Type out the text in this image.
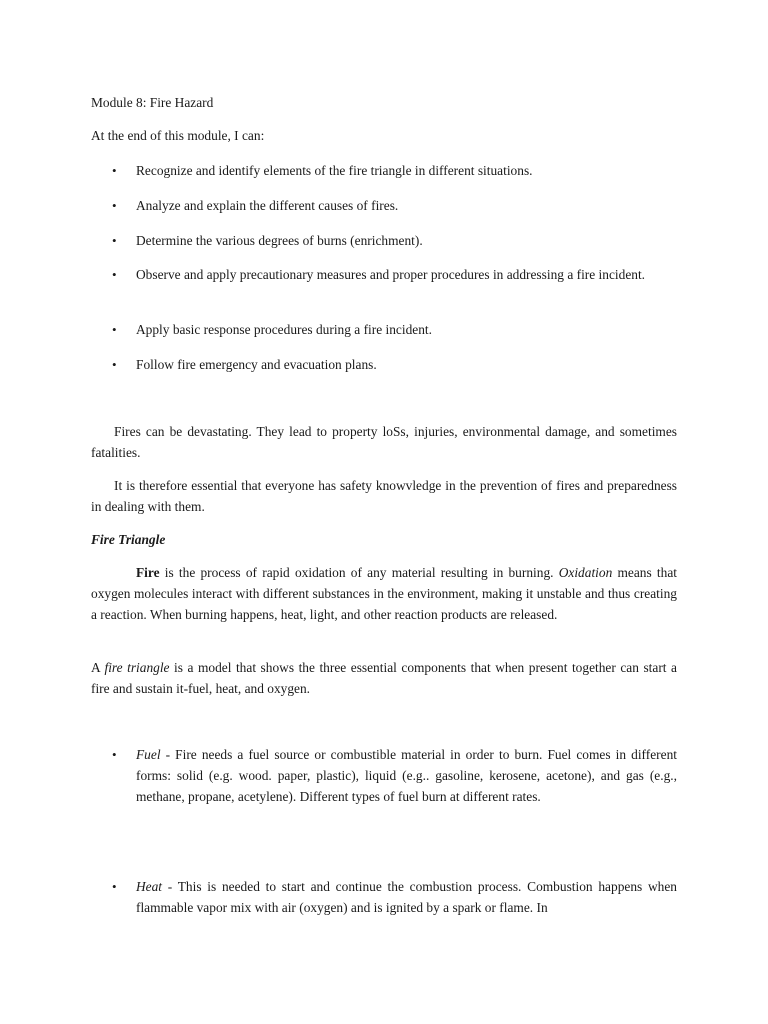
Module 8: Fire Hazard

At the end of this module, I can:

• Recognize and identify elements of the fire triangle in different situations.

• Analyze and explain the different causes of fires.

• Determine the various degrees of burns (enrichment).

• Observe and apply precautionary measures and proper procedures in addressing a fire incident.

• Apply basic response procedures during a fire incident.

• Follow fire emergency and evacuation plans.

Fires can be devastating. They lead to property loSs, injuries, environmental damage, and sometimes fatalities.

It is therefore essential that everyone has safety knowvledge in the prevention of fires and preparedness in dealing with them.

Fire Triangle

Fire is the process of rapid oxidation of any material resulting in burning. Oxidation means that oxygen molecules interact with different substances in the environment, making it unstable and thus creating a reaction. When burning happens, heat, light, and other reaction products are released.

A fire triangle is a model that shows the three essential components that when present together can start a fire and sustain it-fuel, heat, and oxygen.

• Fuel - Fire needs a fuel source or combustible material in order to burn. Fuel comes in different forms: solid (e.g. wood. paper, plastic), liquid (e.g.. gasoline, kerosene, acetone), and gas (e.g., methane, propane, acetylene). Different types of fuel burn at different rates.

• Heat - This is needed to start and continue the combustion process. Combustion happens when flammable vapor mix with air (oxygen) and is ignited by a spark or flame. In
